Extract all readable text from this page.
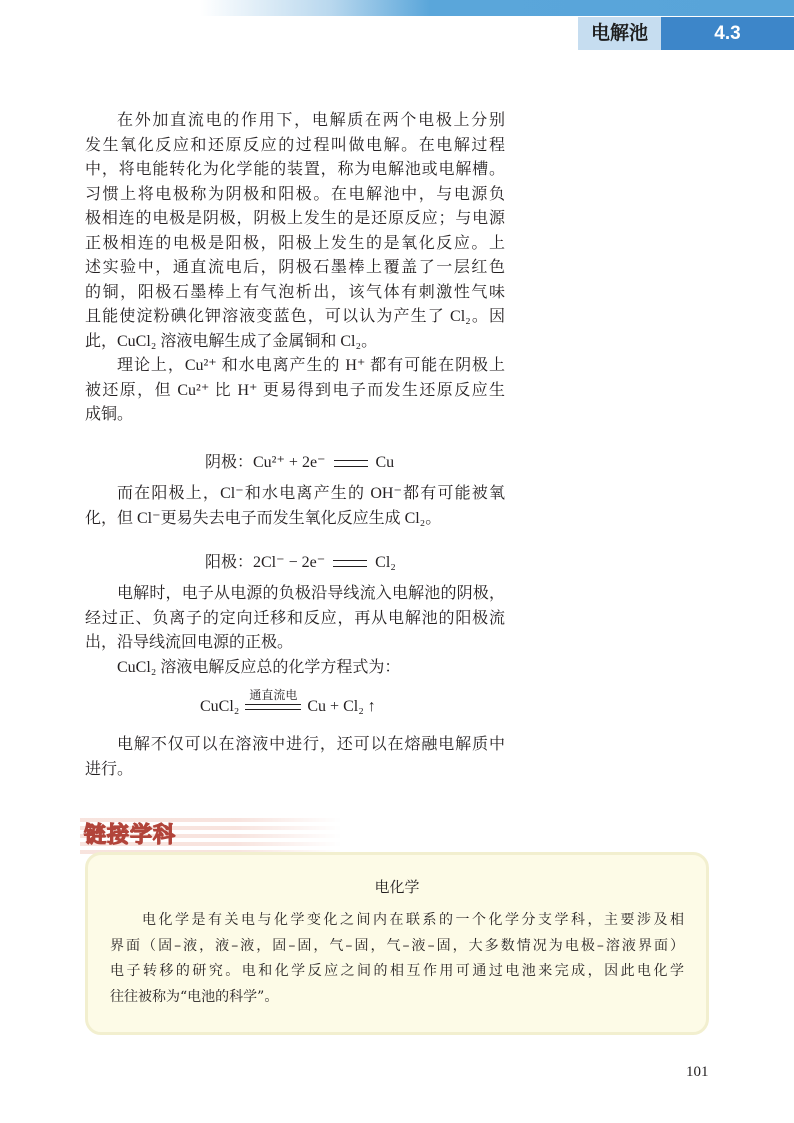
电解池	4.3
在外加直流电的作用下，电解质在两个电极上分别
发生氧化反应和还原反应的过程叫做电解。在电解过程
中，将电能转化为化学能的装置，称为电解池或电解槽。
习惯上将电极称为阴极和阳极。在电解池中，与电源负
极相连的电极是阴极，阴极上发生的是还原反应；与电源
正极相连的电极是阳极，阳极上发生的是氧化反应。上
述实验中，通直流电后，阴极石墨棒上覆盖了一层红色
的铜，阳极石墨棒上有气泡析出，该气体有刺激性气味
且能使淀粉碘化钾溶液变蓝色，可以认为产生了 Cl₂。因
此，CuCl₂ 溶液电解生成了金属铜和 Cl₂。
理论上，Cu²⁺ 和水电离产生的 H⁺ 都有可能在阴极上
被还原，但 Cu²⁺ 比 H⁺ 更易得到电子而发生还原反应生
成铜。
阴极：Cu²⁺ + 2e⁻	Cu
而在阳极上，Cl⁻和水电离产生的 OH⁻都有可能被氧
化，但 Cl⁻更易失去电子而发生氧化反应生成 Cl₂。
阳极：2Cl⁻ − 2e⁻	Cl₂
电解时，电子从电源的负极沿导线流入电解池的阴极，
经过正、负离子的定向迁移和反应，再从电解池的阳极流
出，沿导线流回电源的正极。
CuCl₂ 溶液电解反应总的化学方程式为：
CuCl₂
通直流电
Cu + Cl₂ ↑
电解不仅可以在溶液中进行，还可以在熔融电解质中
进行。
链接学科
电化学
电化学是有关电与化学变化之间内在联系的一个化学分支学科，主要涉及相
界面（固–液，液–液，固–固，气–固，气–液–固，大多数情况为电极–溶液界面）
电子转移的研究。电和化学反应之间的相互作用可通过电池来完成，因此电化学
往往被称为“电池的科学”。
101
